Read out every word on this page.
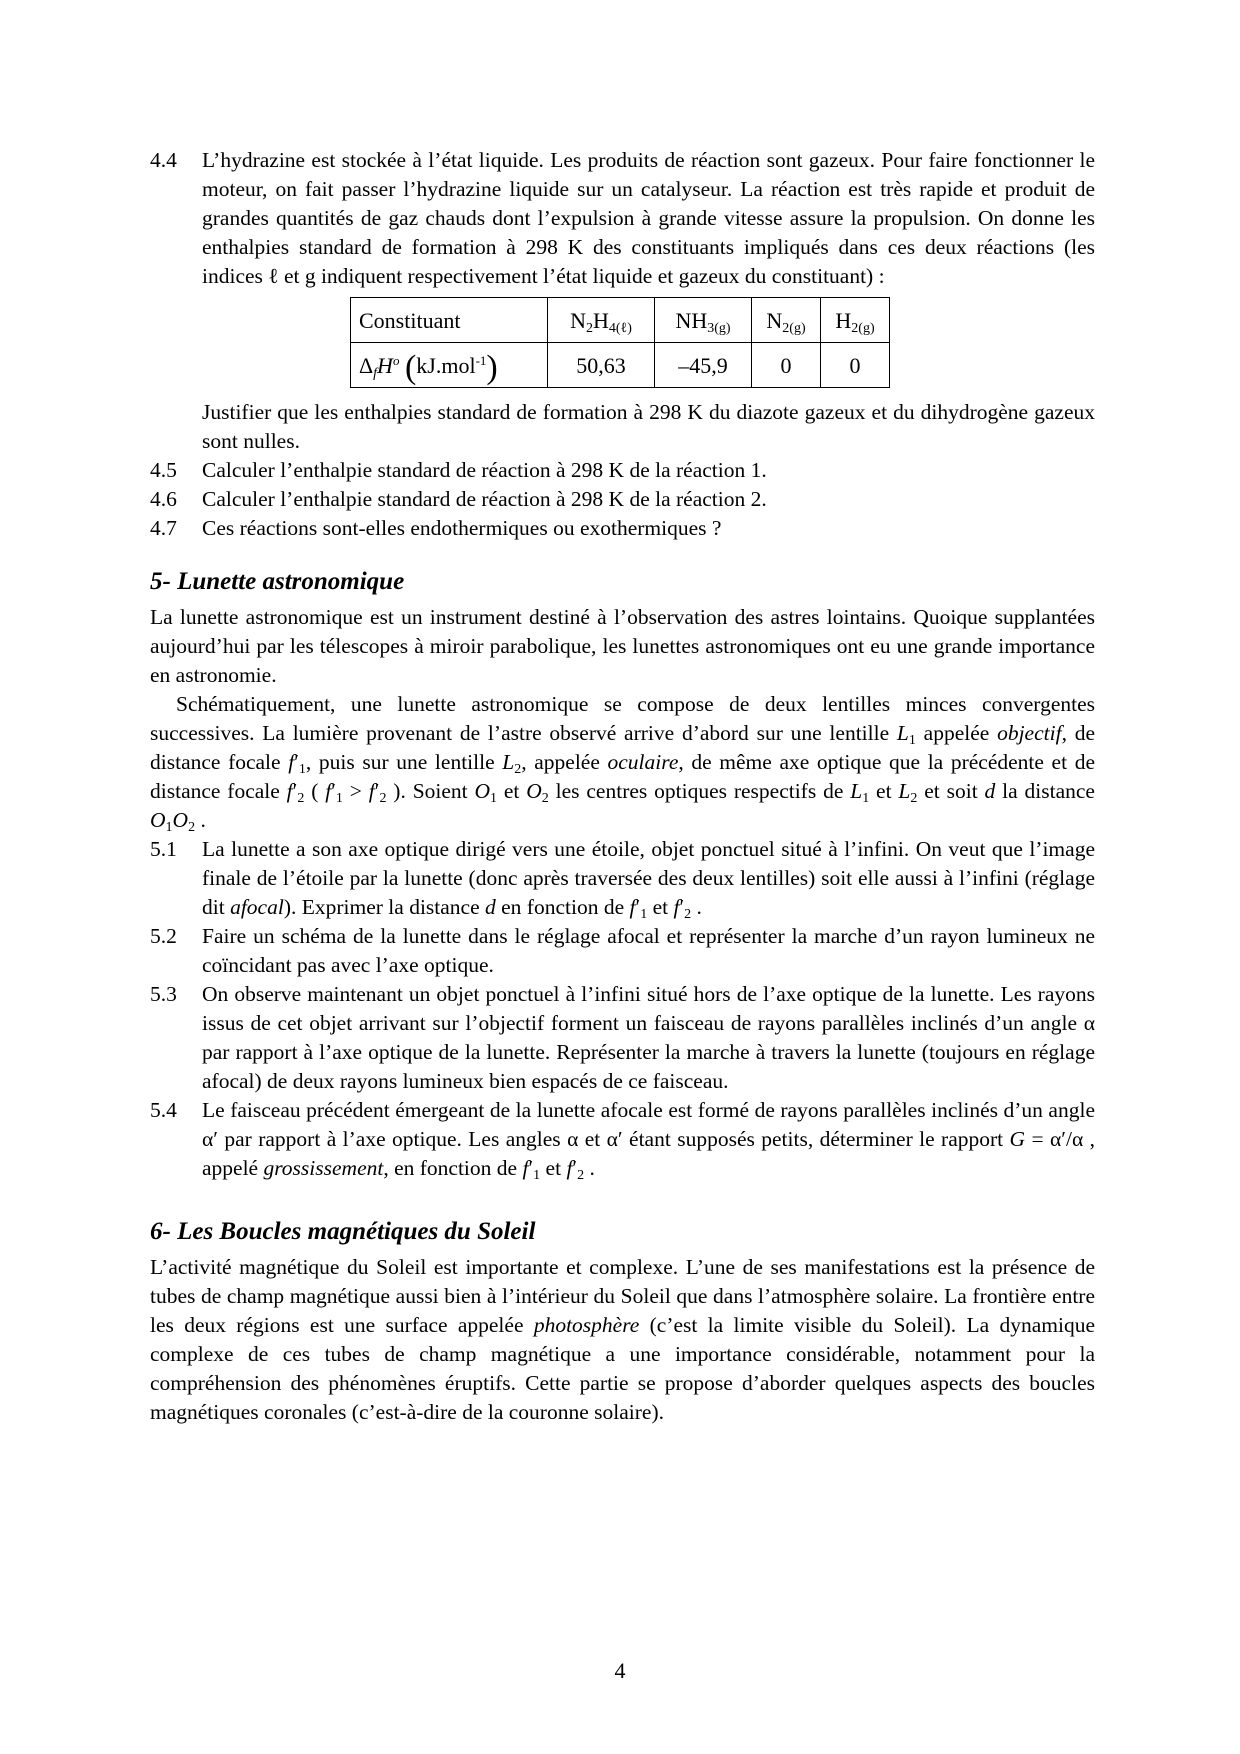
4.4	L’hydrazine est stockée à l’état liquide. Les produits de réaction sont gazeux. Pour faire fonctionner le moteur, on fait passer l’hydrazine liquide sur un catalyseur. La réaction est très rapide et produit de grandes quantités de gaz chauds dont l’expulsion à grande vitesse assure la propulsion. On donne les enthalpies standard de formation à 298 K des constituants impliqués dans ces deux réactions (les indices ℓ et g indiquent respectivement l’état liquide et gazeux du constituant) :
Constituant	$N_2H_{4(\ell)}$	$NH_{3(g)}$	$N_{2(g)}$	$H_{2(g)}$
$\Delta_fH^o$ (kJ.mol$^{-1}$)	50,63	–45,9	0	0

Justifier que les enthalpies standard de formation à 298 K du diazote gazeux et du dihydrogène gazeux sont nulles.

4.5	Calculer l’enthalpie standard de réaction à 298 K de la réaction 1.
4.6	Calculer l’enthalpie standard de réaction à 298 K de la réaction 2.
4.7	Ces réactions sont-elles endothermiques ou exothermiques ?
5- Lunette astronomique

La lunette astronomique est un instrument destiné à l’observation des astres lointains. Quoique supplantées aujourd’hui par les télescopes à miroir parabolique, les lunettes astronomiques ont eu une grande importance en astronomie.

Schématiquement, une lunette astronomique se compose de deux lentilles minces convergentes successives. La lumière provenant de l’astre observé arrive d’abord sur une lentille $L_1$ appelée objectif, de distance focale $f'_1$, puis sur une lentille $L_2$, appelée oculaire, de même axe optique que la précédente et de distance focale $f'_2$ ( $f'_1 > f'_2$ ). Soient $O_1$ et $O_2$ les centres optiques respectifs de $L_1$ et $L_2$ et soit d la distance $O_1O_2$ .

5.1	La lunette a son axe optique dirigé vers une étoile, objet ponctuel situé à l’infini. On veut que l’image finale de l’étoile par la lunette (donc après traversée des deux lentilles) soit elle aussi à l’infini (réglage dit afocal). Exprimer la distance d en fonction de $f'_1$ et $f'_2$ .
5.2	Faire un schéma de la lunette dans le réglage afocal et représenter la marche d’un rayon lumineux ne coïncidant pas avec l’axe optique.
5.3	On observe maintenant un objet ponctuel à l’infini situé hors de l’axe optique de la lunette. Les rayons issus de cet objet arrivant sur l’objectif forment un faisceau de rayons parallèles inclinés d’un angle α par rapport à l’axe optique de la lunette. Représenter la marche à travers la lunette (toujours en réglage afocal) de deux rayons lumineux bien espacés de ce faisceau.
5.4	Le faisceau précédent émergeant de la lunette afocale est formé de rayons parallèles inclinés d’un angle α′ par rapport à l’axe optique. Les angles α et α′ étant supposés petits, déterminer le rapport G = α′/α , appelé grossissement, en fonction de $f'_1$ et $f'_2$ .
6- Les Boucles magnétiques du Soleil

L’activité magnétique du Soleil est importante et complexe. L’une de ses manifestations est la présence de tubes de champ magnétique aussi bien à l’intérieur du Soleil que dans l’atmosphère solaire. La frontière entre les deux régions est une surface appelée photosphère (c’est la limite visible du Soleil). La dynamique complexe de ces tubes de champ magnétique a une importance considérable, notamment pour la compréhension des phénomènes éruptifs. Cette partie se propose d’aborder quelques aspects des boucles magnétiques coronales (c’est-à-dire de la couronne solaire).

4
